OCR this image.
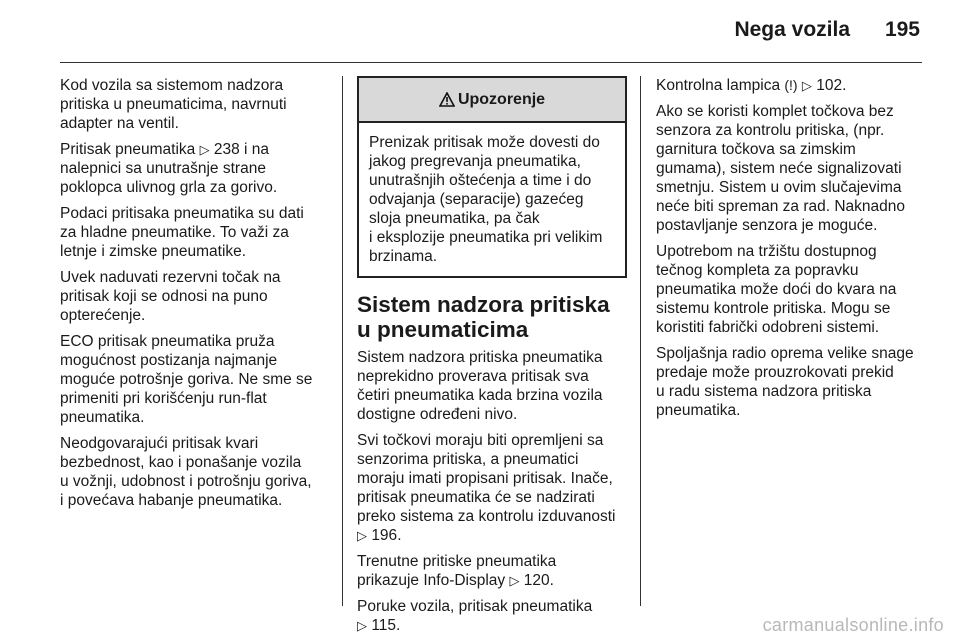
Nega vozila 195

Kod vozila sa sistemom nadzora
pritiska u pneumaticima, navrnuti
adapter na ventil.

Pritisak pneumatika ▷ 238 i na
nalepnici sa unutrašnje strane
poklopca ulivnog grla za gorivo.

Podaci pritisaka pneumatika su dati
za hladne pneumatike. To važi za
letnje i zimske pneumatike.

Uvek naduvati rezervni točak na
pritisak koji se odnosi na puno
opterećenje.

ECO pritisak pneumatika pruža
mogućnost postizanja najmanje
moguće potrošnje goriva. Ne sme se
primeniti pri korišćenju run-flat
pneumatika.

Neodgovarajući pritisak kvari
bezbednost, kao i ponašanje vozila
u vožnji, udobnost i potrošnju goriva,
i povećava habanje pneumatika.

Upozorenje
Prenizak pritisak može dovesti do
jakog pregrevanja pneumatika,
unutrašnjih oštećenja a time i do
odvajanja (separacije) gazećeg
sloja pneumatika, pa čak
i eksplozije pneumatika pri velikim
brzinama.
Sistem nadzora pritiska
u pneumaticima

Sistem nadzora pritiska pneumatika
neprekidno proverava pritisak sva
četiri pneumatika kada brzina vozila
dostigne određeni nivo.

Svi točkovi moraju biti opremljeni sa
senzorima pritiska, a pneumatici
moraju imati propisani pritisak. Inače,
pritisak pneumatika će se nadzirati
preko sistema za kontrolu izduvanosti
▷ 196.

Trenutne pritiske pneumatika
prikazuje Info-Display ▷ 120.

Poruke vozila, pritisak pneumatika
▷ 115.

Kontrolna lampica (!) ▷ 102.

Ako se koristi komplet točkova bez
senzora za kontrolu pritiska, (npr.
garnitura točkova sa zimskim
gumama), sistem neće signalizovati
smetnju. Sistem u ovim slučajevima
neće biti spreman za rad. Naknadno
postavljanje senzora je moguće.

Upotrebom na tržištu dostupnog
tečnog kompleta za popravku
pneumatika može doći do kvara na
sistemu kontrole pritiska. Mogu se
koristiti fabrički odobreni sistemi.

Spoljašnja radio oprema velike snage
predaje može prouzrokovati prekid
u radu sistema nadzora pritiska
pneumatika.

carmanualsonline.info
